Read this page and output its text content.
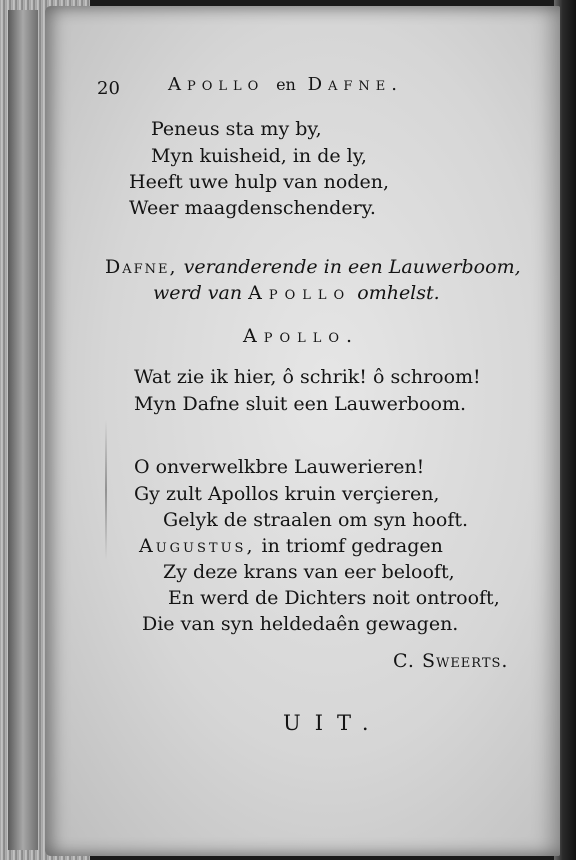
20	Apollo en Dafne.
Peneus sta my by,
Myn kuisheid, in de ly,
Heeft uwe hulp van noden,
Weer maagdenschendery.
Dafne, veranderende in een Lauwerboom,
werd van Apollo omhelst.
Apollo.
Wat zie ik hier, ô schrik! ô schroom!
Myn Dafne sluit een Lauwerboom.
O onverwelkbre Lauwerieren!
Gy zult Apollos kruin verçieren,
Gelyk de straalen om syn hooft.
Augustus, in triomf gedragen
Zy deze krans van eer belooft,
En werd de Dichters noit ontrooft,
Die van syn heldedaên gewagen.
C. Sweerts.
UIT.
